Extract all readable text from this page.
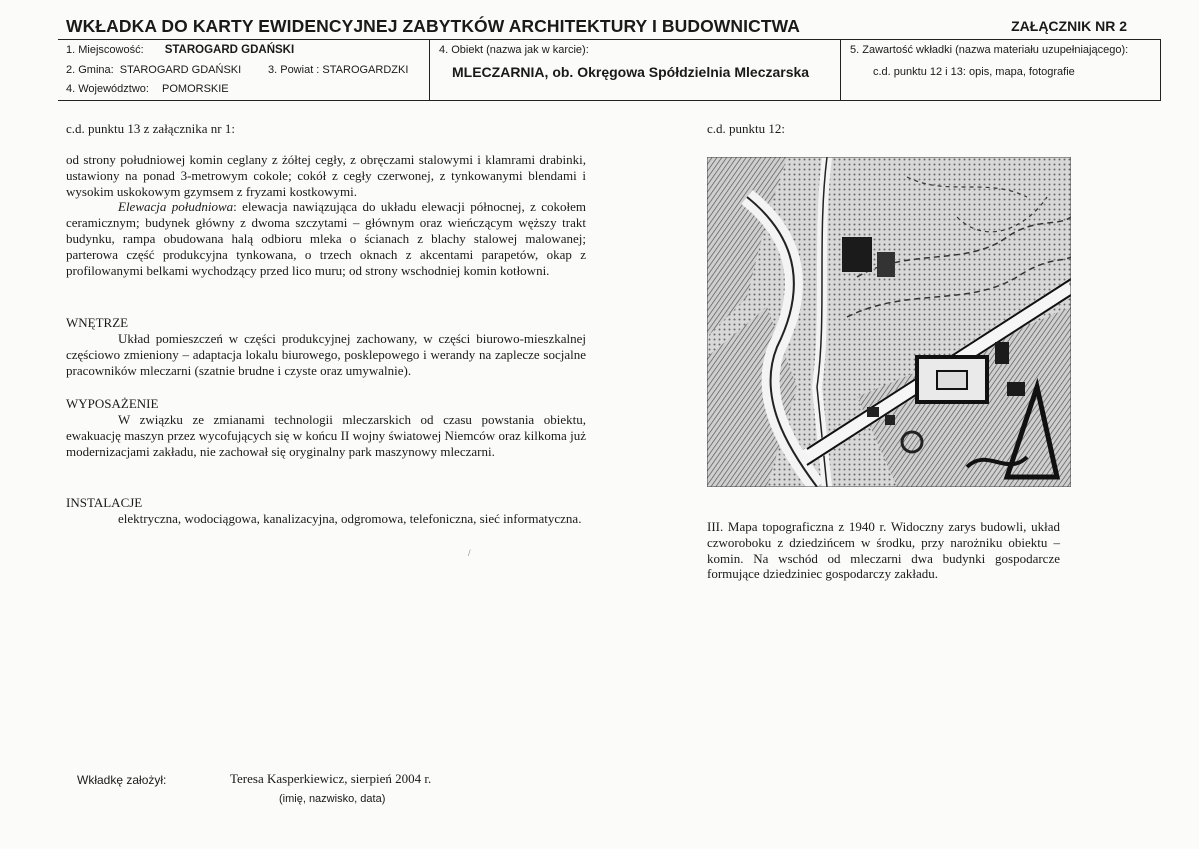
WKŁADKA DO KARTY EWIDENCYJNEJ ZABYTKÓW ARCHITEKTURY I BUDOWNICTWA	ZAŁĄCZNIK NR 2
1. Miejscowość: STAROGARD GDAŃSKI
2. Gmina: STAROGARD GDAŃSKI 3. Powiat : STAROGARDZKI
4. Województwo: POMORSKIE
4. Obiekt (nazwa jak w karcie):
MLECZARNIA, ob. Okręgowa Spółdzielnia Mleczarska
5. Zawartość wkładki (nazwa materiału uzupełniającego):
c.d. punktu 12 i 13: opis, mapa, fotografie
c.d. punktu 13 z załącznika nr 1:
od strony południowej komin ceglany z żółtej cegły, z obręczami stalowymi i klamrami drabinki, ustawiony na ponad 3-metrowym cokole; cokół z cegły czerwonej, z tynkowanymi blendami i wysokim uskokowym gzymsem z fryzami kostkowymi.
Elewacja południowa: elewacja nawiązująca do układu elewacji północnej, z cokołem ceramicznym; budynek główny z dwoma szczytami – głównym oraz wieńczącym węższy trakt budynku, rampa obudowana halą odbioru mleka o ścianach z blachy stalowej malowanej; parterowa część produkcyjna tynkowana, o trzech oknach z akcentami parapetów, okap z profilowanymi belkami wychodzący przed lico muru; od strony wschodniej komin kotłowni.
WNĘTRZE
Układ pomieszczeń w części produkcyjnej zachowany, w części biurowo-mieszkalnej częściowo zmieniony – adaptacja lokalu biurowego, posklepowego i werandy na zaplecze socjalne pracowników mleczarni (szatnie brudne i czyste oraz umywalnie).
WYPOSAŻENIE
W związku ze zmianami technologii mleczarskich od czasu powstania obiektu, ewakuację maszyn przez wycofujących się w końcu II wojny światowej Niemców oraz kilkoma już modernizacjami zakładu, nie zachował się oryginalny park maszynowy mleczarni.
INSTALACJE
elektryczna, wodociągowa, kanalizacyjna, odgromowa, telefoniczna, sieć informatyczna.
/
c.d. punktu 12:
III. Mapa topograficzna z 1940 r. Widoczny zarys budowli, układ czworoboku z dziedzińcem w środku, przy narożniku obiektu – komin. Na wschód od mleczarni dwa budynki gospodarcze formujące dziedziniec gospodarczy zakładu.
Wkładkę założył:	Teresa Kasperkiewicz, sierpień 2004 r.
(imię, nazwisko, data)
